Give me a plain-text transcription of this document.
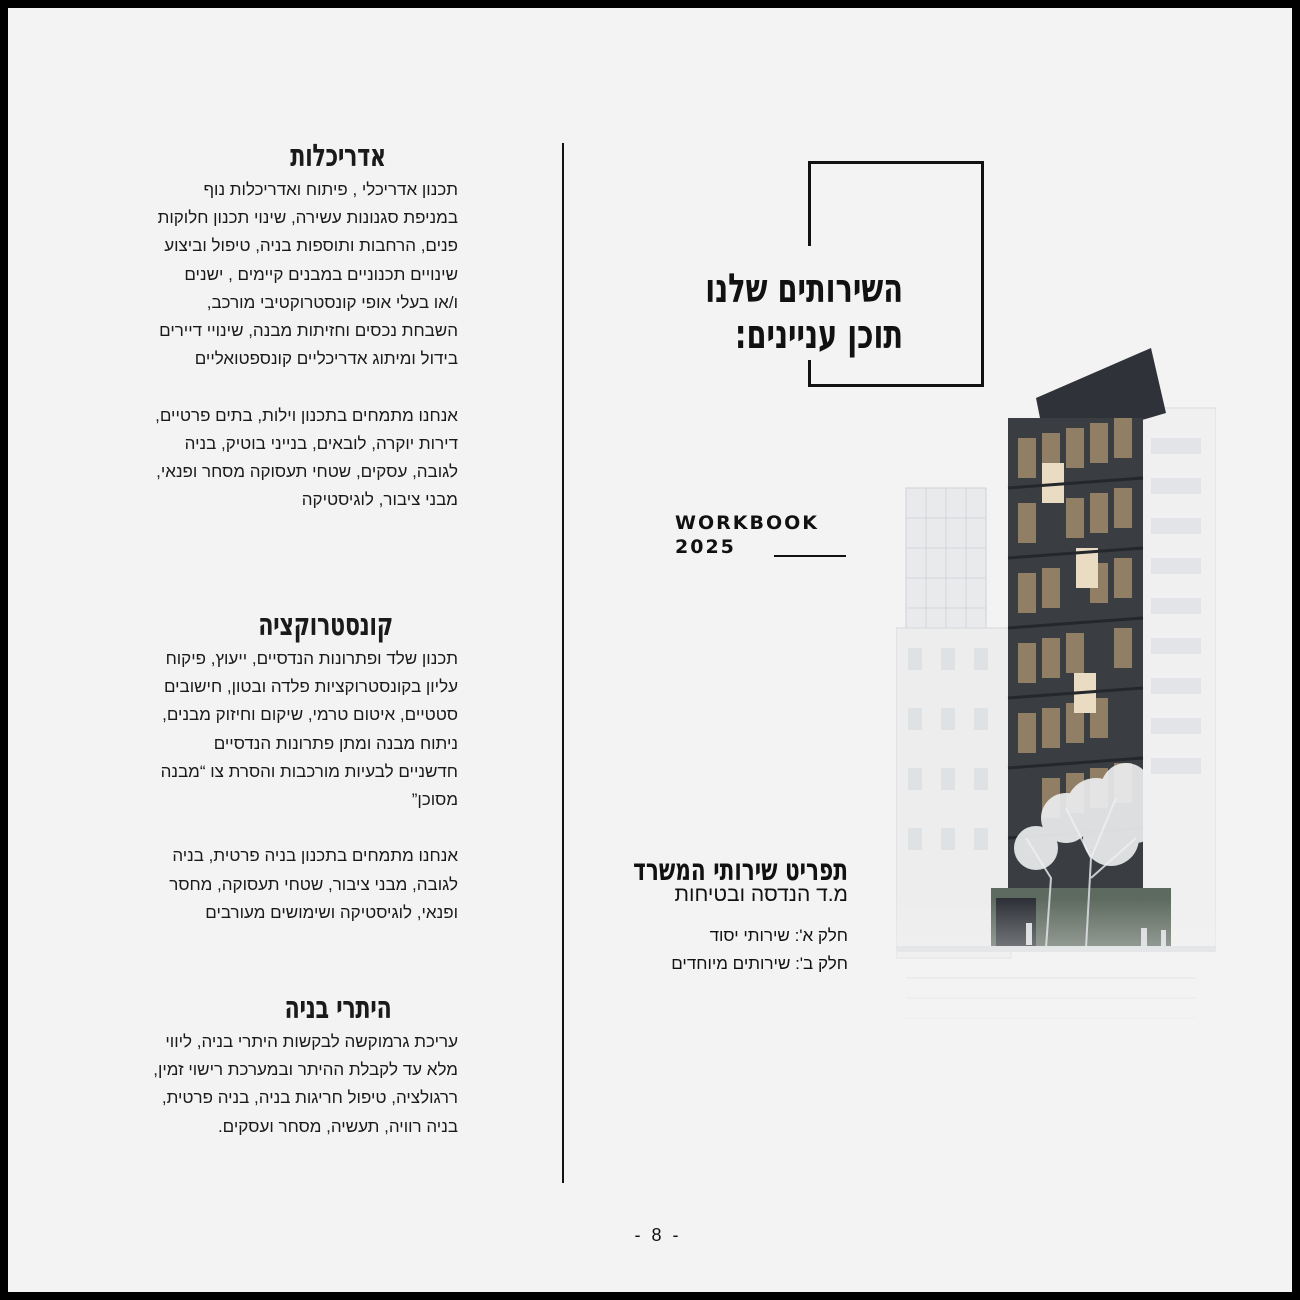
אדריכלות
תכנון אדריכלי , פיתוח ואדריכלות נוף
במניפת סגנונות עשירה, שינוי תכנון חלוקות
פנים, הרחבות ותוספות בניה, טיפול וביצוע
שינויים תכנוניים במבנים קיימים , ישנים
ו/או בעלי אופי קונסטרוקטיבי מורכב,
השבחת נכסים וחזיתות מבנה, שינויי דיירים
בידול ומיתוג אדריכליים קונספטואליים

אנחנו מתמחים בתכנון וילות, בתים פרטיים,
דירות יוקרה, לובאים, בנייני בוטיק, בניה
לגובה, עסקים, שטחי תעסוקה מסחר ופנאי,
מבני ציבור, לוגיסטיקה
קונסטרוקציה
תכנון שלד ופתרונות הנדסיים, ייעוץ, פיקוח
עליון בקונסטרוקציות פלדה ובטון, חישובים
סטטיים, איטום טרמי, שיקום וחיזוק מבנים,
ניתוח מבנה ומתן פתרונות הנדסיים
חדשניים לבעיות מורכבות והסרת צו “מבנה
מסוכן”

אנחנו מתמחים בתכנון בניה פרטית, בניה
לגובה, מבני ציבור, שטחי תעסוקה, מחסר
ופנאי, לוגיסטיקה ושימושים מעורבים
היתרי בניה
עריכת גרמוקשה לבקשות היתרי בניה, ליווי
מלא עד לקבלת ההיתר ובמערכת רישוי זמין,
ררגולציה, טיפול חריגות בניה, בניה פרטית,
בניה רוויה, תעשיה, מסחר ועסקים.
השירותים שלנו
תוכן עניינים:
WORKBOOK
2025
תפריט שירותי המשרד
מ.ד הנדסה ובטיחות
חלק א': שירותי יסוד
חלק ב': שירותים מיוחדים
- 8 -
